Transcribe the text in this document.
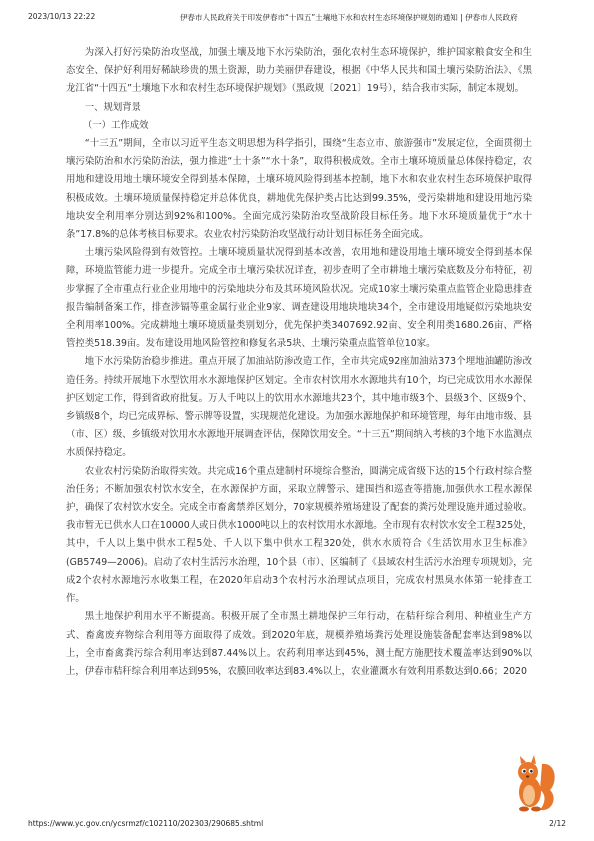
2023/10/13 22:22	伊春市人民政府关于印发伊春市“十四五”土壤地下水和农村生态环境保护规划的通知 | 伊春市人民政府

为深入打好污染防治攻坚战，加强土壤及地下水污染防治，强化农村生态环境保护，维护国家粮食安全和生态安全、保护好利用好稀缺珍贵的黑土资源，助力美丽伊春建设，根据《中华人民共和国土壤污染防治法》、《黑龙江省“十四五”土壤地下水和农村生态环境保护规划》（黑政规〔2021〕19号），结合我市实际，制定本规划。

一、规划背景

（一）工作成效

“十三五”期间，全市以习近平生态文明思想为科学指引，围绕“生态立市、旅游强市”发展定位，全面贯彻土壤污染防治和水污染防治法，强力推进“土十条”“水十条”，取得积极成效。全市土壤环境质量总体保持稳定，农用地和建设用地土壤环境安全得到基本保障，土壤环境风险得到基本控制，地下水和农业农村生态环境保护取得积极成效。土壤环境质量保持稳定并总体优良，耕地优先保护类占比达到99.35%，受污染耕地和建设用地污染地块安全利用率分别达到92%和100%。全面完成污染防治攻坚战阶段目标任务。地下水环境质量优于“水十条”17.8%的总体考核目标要求。农业农村污染防治攻坚战行动计划目标任务全面完成。

土壤污染风险得到有效管控。土壤环境质量状况得到基本改善，农用地和建设用地土壤环境安全得到基本保障，环境监管能力进一步提升。完成全市土壤污染状况详查，初步查明了全市耕地土壤污染底数及分布特征，初步掌握了全市重点行业企业用地中的污染地块分布及其环境风险状况。完成10家土壤污染重点监管企业隐患排查报告编制备案工作，排查涉镉等重金属行业企业9家、调查建设用地块地块34个，全市建设用地疑似污染地块安全利用率100%。完成耕地土壤环境质量类别划分，优先保护类3407692.92亩、安全利用类1680.26亩、严格管控类518.39亩。发布建设用地风险管控和修复名录5块、土壤污染重点监管单位10家。

地下水污染防治稳步推进。重点开展了加油站防渗改造工作，全市共完成92座加油站373个埋地油罐防渗改造任务。持续开展地下水型饮用水水源地保护区划定。全市农村饮用水水源地共有10个，均已完成饮用水水源保护区划定工作，得到省政府批复。万人千吨以上的饮用水水源地共23个，其中地市级3个、县级3个、区级9个、乡镇级8个，均已完成界标、警示牌等设置，实现规范化建设。为加强水源地保护和环境管理，每年由地市级、县（市、区）级、乡镇级对饮用水水源地开展调查评估，保障饮用安全。“十三五”期间纳入考核的3个地下水监测点水质保持稳定。

农业农村污染防治取得实效。共完成16个重点建制村环境综合整治，圆满完成省级下达的15个行政村综合整治任务；不断加强农村饮水安全，在水源保护方面，采取立牌警示、建围挡和巡查等措施,加强供水工程水源保护，确保了农村饮水安全。完成全市畜禽禁养区划分，70家规模养殖场建设了配套的粪污处理设施并通过验收。我市暂无已供水人口在10000人或日供水1000吨以上的农村饮用水水源地。全市现有农村饮水安全工程325处，其中，千人以上集中供水工程5处、千人以下集中供水工程320处，供水水质符合《生活饮用水卫生标准》(GB5749—2006)。启动了农村生活污水治理，10个县（市）、区编制了《县域农村生活污水治理专项规划》，完成2个农村水源地污水收集工程，在2020年启动3个农村污水治理试点项目，完成农村黑臭水体第一轮排查工作。

黑土地保护利用水平不断提高。积极开展了全市黑土耕地保护三年行动，在秸秆综合利用、种植业生产方式、畜禽废弃物综合利用等方面取得了成效。到2020年底，规模养殖场粪污处理设施装备配套率达到98%以上，全市畜禽粪污综合利用率达到87.44%以上。农药利用率达到45%，测土配方施肥技术覆盖率达到90%以上，伊春市秸秆综合利用率达到95%，农膜回收率达到83.4%以上，农业灌溉水有效利用系数达到0.66；2020

https://www.yc.gov.cn/ycsrmzf/c102110/202303/290685.shtml	2/12
